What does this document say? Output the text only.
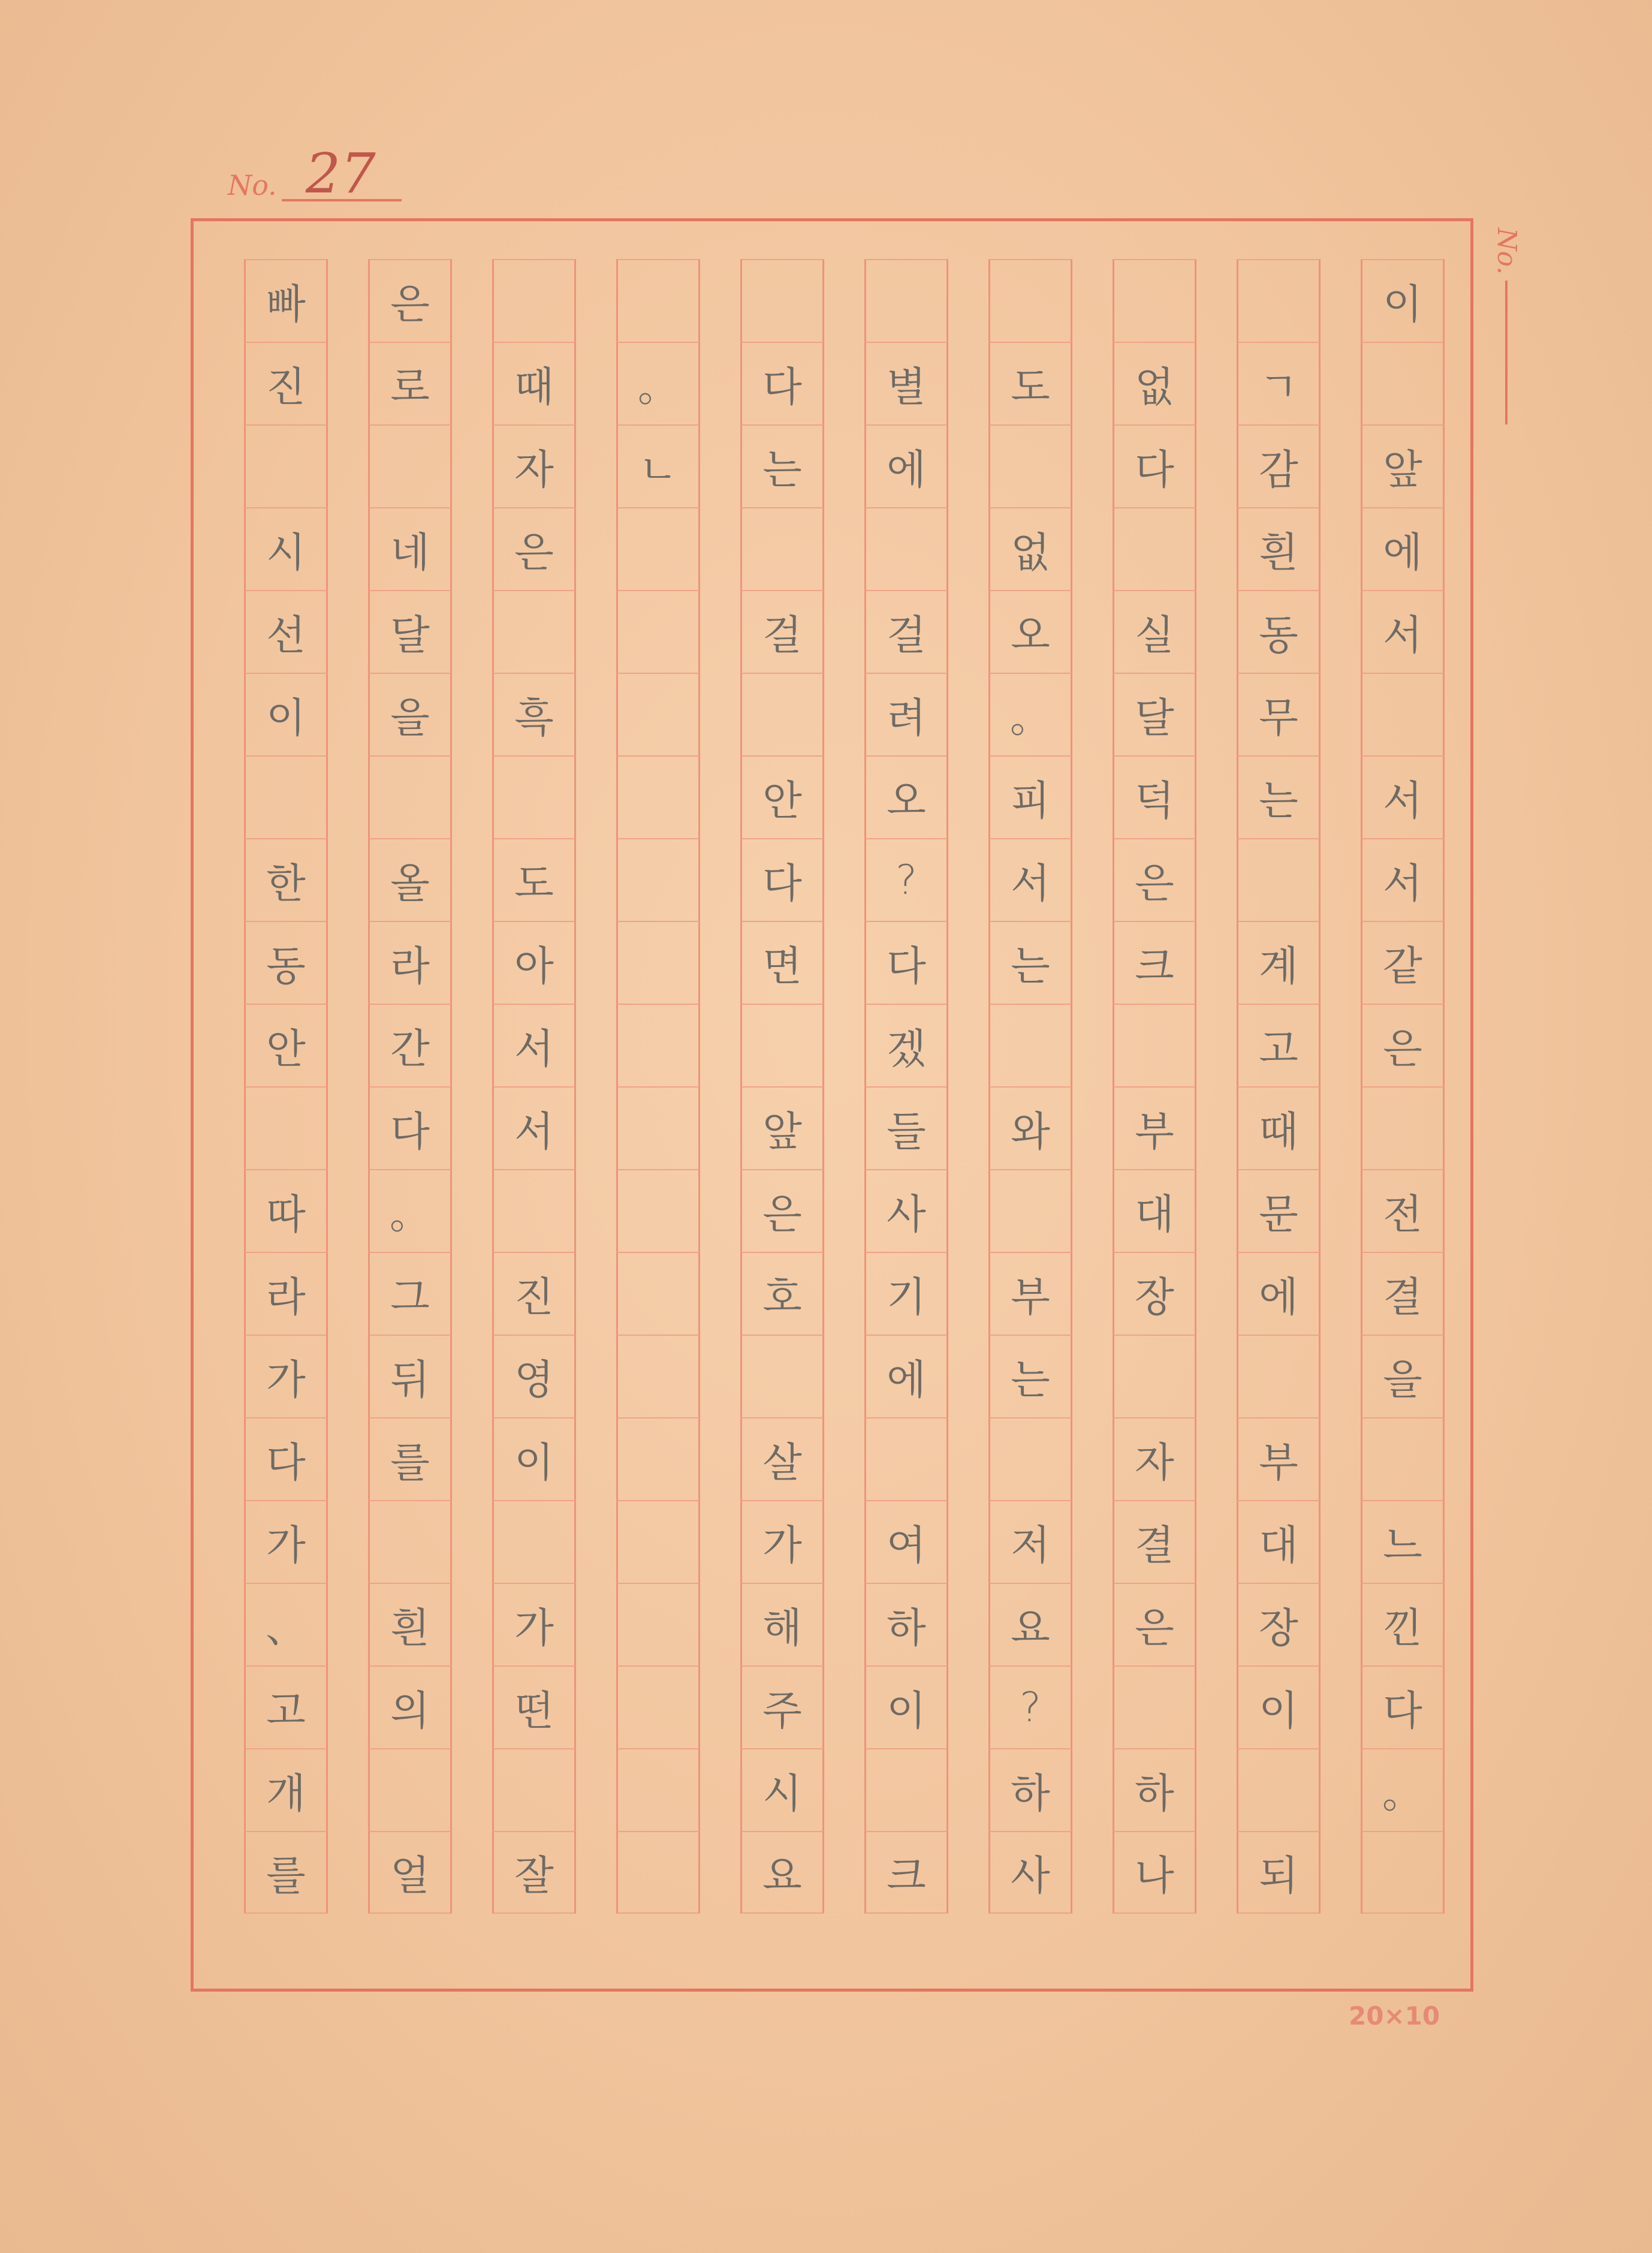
No. 27
No.
이
앞
에
서
서
서
같
은
전
결
을
느
낀
다
。
ㄱ
감
흰
동
무
는
계
고
때
문
에
부
대
장
이
되
없
다
실
달
덕
은
크
부
대
장
자
결
은
하
나
도
없
오
。
피
서
는
와
부
는
저
요
?
하
사
별
에
걸
려
오
?
다
겠
들
사
기
에
여
하
이
크
다
는
걸
안
다
면
앞
은
호
살
가
해
주
시
요
。
ㄴ
때
자
은
흑
도
아
서
서
진
영
이
가
떤
잘
은
로
네
달
을
올
라
간
다
。
그
뒤
를
흰
의
얼
빠
진
시
선
이
한
동
안
따
라
가
다
가
、
고
개
를
20×10
